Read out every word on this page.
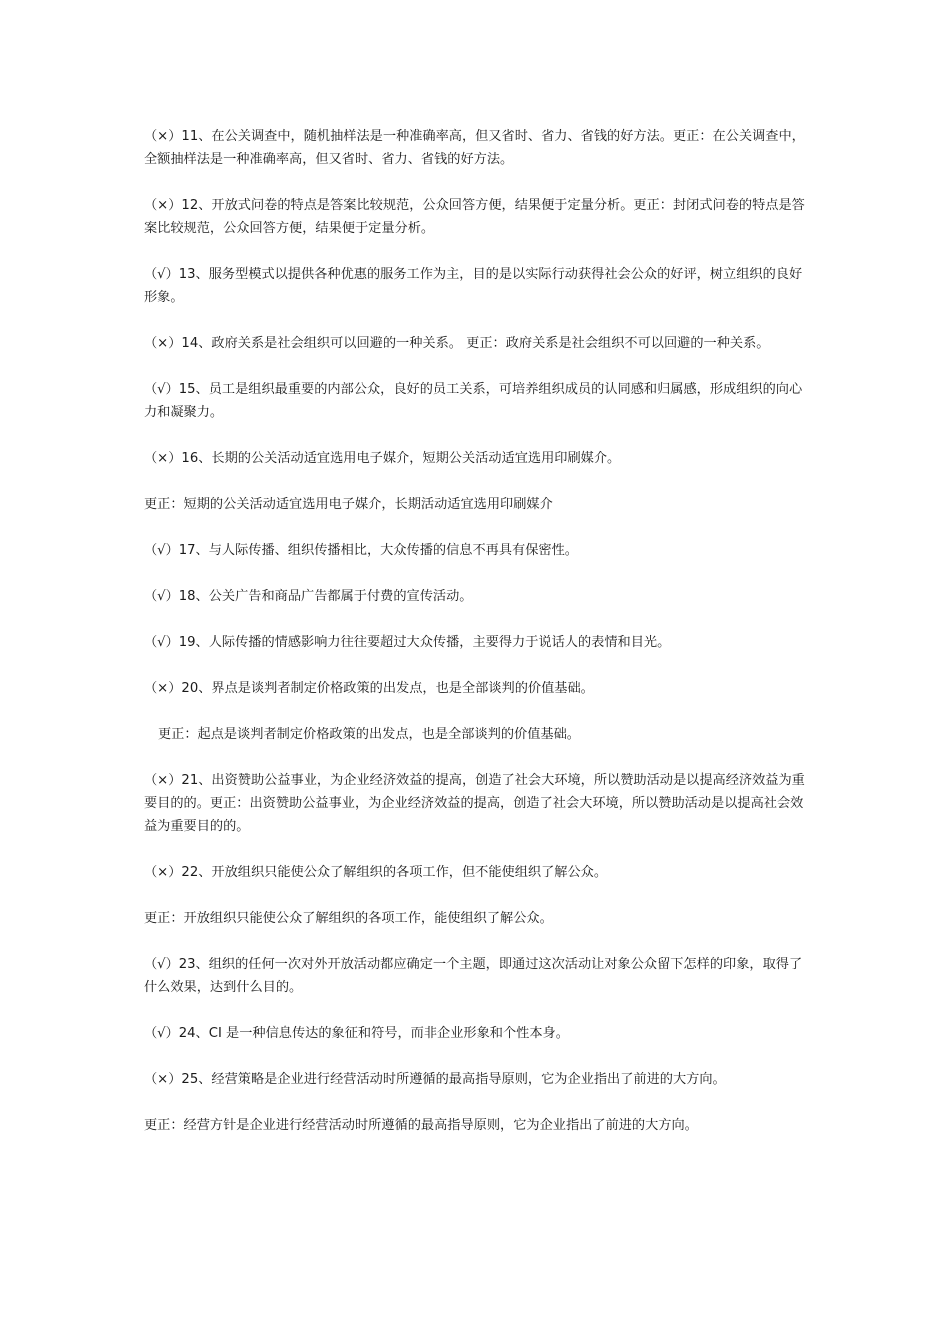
（×）11、在公关调查中，随机抽样法是一种准确率高，但又省时、省力、省钱的好方法。更正：在公关调查中，全额抽样法是一种准确率高，但又省时、省力、省钱的好方法。

（×）12、开放式问卷的特点是答案比较规范，公众回答方便，结果便于定量分析。更正：封闭式问卷的特点是答案比较规范，公众回答方便，结果便于定量分析。

（√）13、服务型模式以提供各种优惠的服务工作为主，目的是以实际行动获得社会公众的好评，树立组织的良好形象。

（×）14、政府关系是社会组织可以回避的一种关系。 更正：政府关系是社会组织不可以回避的一种关系。

（√）15、员工是组织最重要的内部公众，良好的员工关系，可培养组织成员的认同感和归属感，形成组织的向心力和凝聚力。

（×）16、长期的公关活动适宜选用电子媒介，短期公关活动适宜选用印刷媒介。

更正：短期的公关活动适宜选用电子媒介，长期活动适宜选用印刷媒介

（√）17、与人际传播、组织传播相比，大众传播的信息不再具有保密性。

（√）18、公关广告和商品广告都属于付费的宣传活动。

（√）19、人际传播的情感影响力往往要超过大众传播，主要得力于说话人的表情和目光。

（×）20、界点是谈判者制定价格政策的出发点，也是全部谈判的价值基础。

更正：起点是谈判者制定价格政策的出发点，也是全部谈判的价值基础。

（×）21、出资赞助公益事业，为企业经济效益的提高，创造了社会大环境，所以赞助活动是以提高经济效益为重要目的的。更正：出资赞助公益事业，为企业经济效益的提高，创造了社会大环境，所以赞助活动是以提高社会效益为重要目的的。

（×）22、开放组织只能使公众了解组织的各项工作，但不能使组织了解公众。

更正：开放组织只能使公众了解组织的各项工作，能使组织了解公众。

（√）23、组织的任何一次对外开放活动都应确定一个主题，即通过这次活动让对象公众留下怎样的印象，取得了什么效果，达到什么目的。

（√）24、CI 是一种信息传达的象征和符号，而非企业形象和个性本身。

（×）25、经营策略是企业进行经营活动时所遵循的最高指导原则，它为企业指出了前进的大方向。

更正：经营方针是企业进行经营活动时所遵循的最高指导原则，它为企业指出了前进的大方向。
